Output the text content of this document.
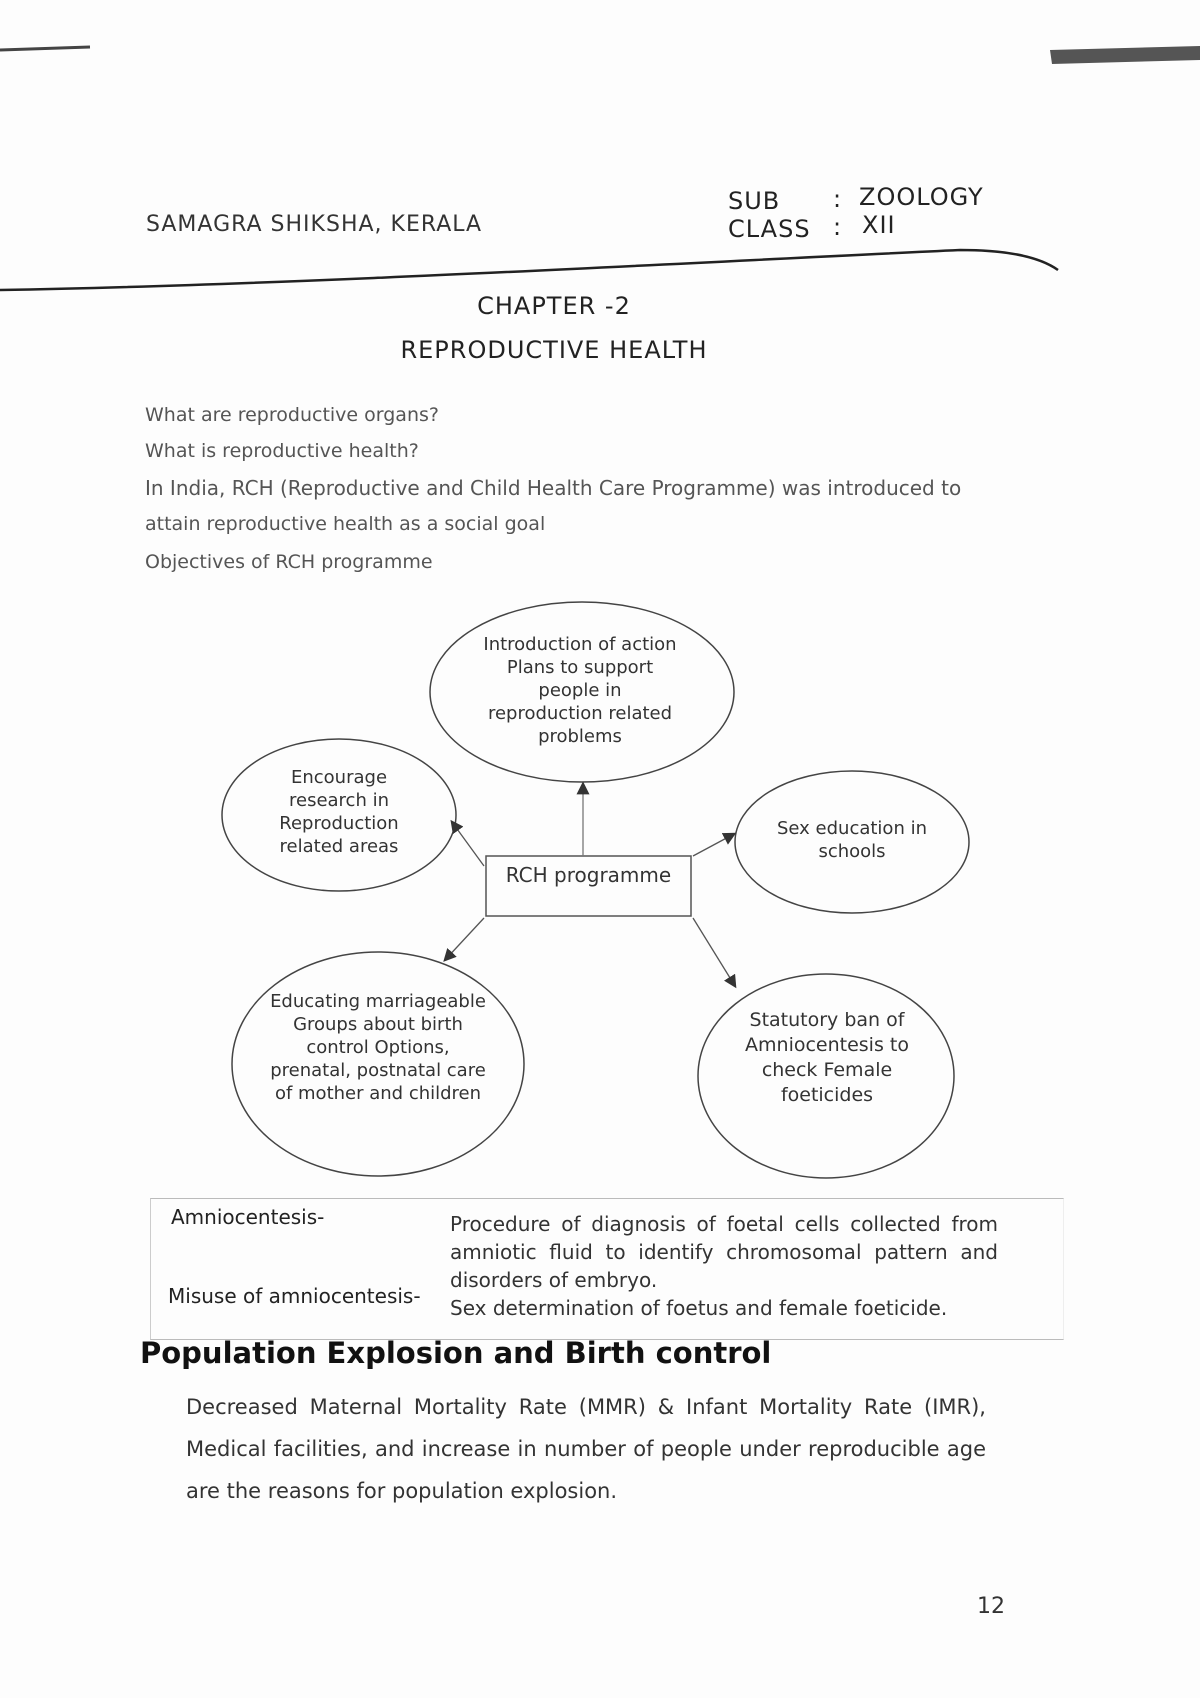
SAMAGRA SHIKSHA, KERALA
SUB : ZOOLOGY
CLASS : XII
CHAPTER -2
REPRODUCTIVE HEALTH
What are reproductive organs?
What is reproductive health?
In India, RCH (Reproductive and Child Health Care Programme) was introduced to
attain reproductive health as a social goal
Objectives of RCH programme
Introduction of action Plans to support people in reproduction related problems
Encourage research in Reproduction related areas
Sex education in schools
Educating marriageable Groups about birth control Options, prenatal, postnatal care of mother and children
Statutory ban of Amniocentesis to check Female foeticides
RCH programme
Amniocentesis-	Procedure of diagnosis of foetal cells collected from amniotic fluid to identify chromosomal pattern and disorders of embryo.
Misuse of amniocentesis- Sex determination of foetus and female foeticide.
Population Explosion and Birth control
Decreased Maternal Mortality Rate (MMR) & Infant Mortality Rate (IMR), Medical facilities, and increase in number of people under reproducible age are the reasons for population explosion.
12
